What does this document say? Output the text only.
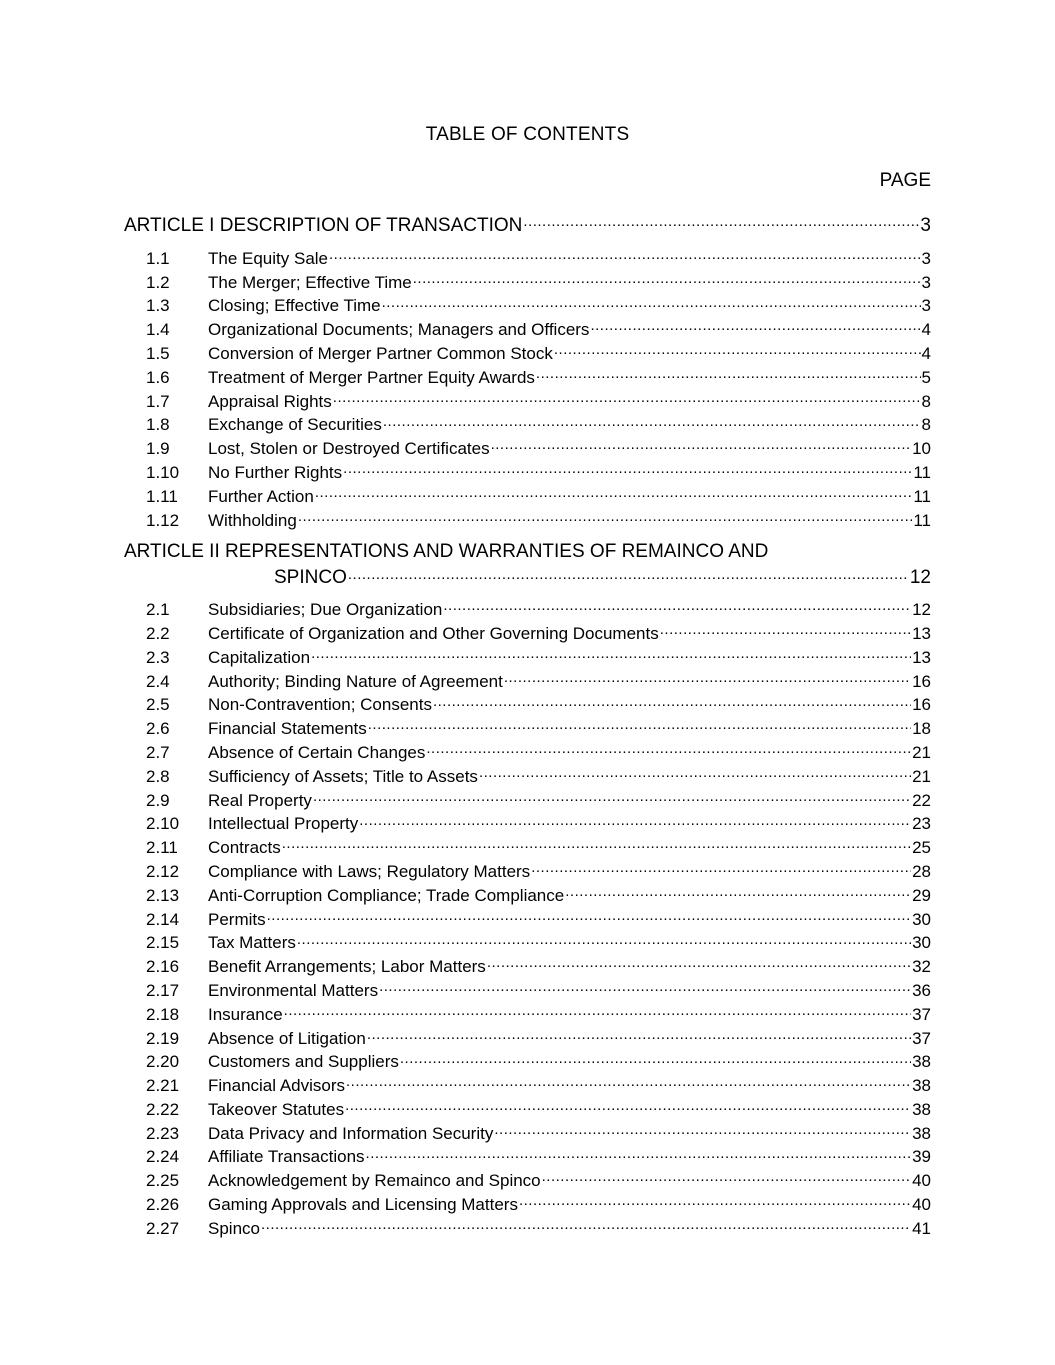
TABLE OF CONTENTS
PAGE
ARTICLE I DESCRIPTION OF TRANSACTION .....	3
1.1	The Equity Sale .....	3
1.2	The Merger; Effective Time .....	3
1.3	Closing; Effective Time .....	3
1.4	Organizational Documents; Managers and Officers .....	4
1.5	Conversion of Merger Partner Common Stock .....	4
1.6	Treatment of Merger Partner Equity Awards .....	5
1.7	Appraisal Rights .....	8
1.8	Exchange of Securities .....	8
1.9	Lost, Stolen or Destroyed Certificates .....	10
1.10	No Further Rights .....	11
1.11	Further Action .....	11
1.12	Withholding .....	11
ARTICLE II REPRESENTATIONS AND WARRANTIES OF REMAINCO AND
SPINCO .....	12
2.1	Subsidiaries; Due Organization .....	12
2.2	Certificate of Organization and Other Governing Documents .....	13
2.3	Capitalization .....	13
2.4	Authority; Binding Nature of Agreement .....	16
2.5	Non-Contravention; Consents .....	16
2.6	Financial Statements .....	18
2.7	Absence of Certain Changes .....	21
2.8	Sufficiency of Assets; Title to Assets .....	21
2.9	Real Property .....	22
2.10	Intellectual Property .....	23
2.11	Contracts .....	25
2.12	Compliance with Laws; Regulatory Matters .....	28
2.13	Anti-Corruption Compliance; Trade Compliance .....	29
2.14	Permits .....	30
2.15	Tax Matters .....	30
2.16	Benefit Arrangements; Labor Matters .....	32
2.17	Environmental Matters .....	36
2.18	Insurance .....	37
2.19	Absence of Litigation .....	37
2.20	Customers and Suppliers .....	38
2.21	Financial Advisors .....	38
2.22	Takeover Statutes .....	38
2.23	Data Privacy and Information Security .....	38
2.24	Affiliate Transactions .....	39
2.25	Acknowledgement by Remainco and Spinco .....	40
2.26	Gaming Approvals and Licensing Matters .....	40
2.27	Spinco .....	41
